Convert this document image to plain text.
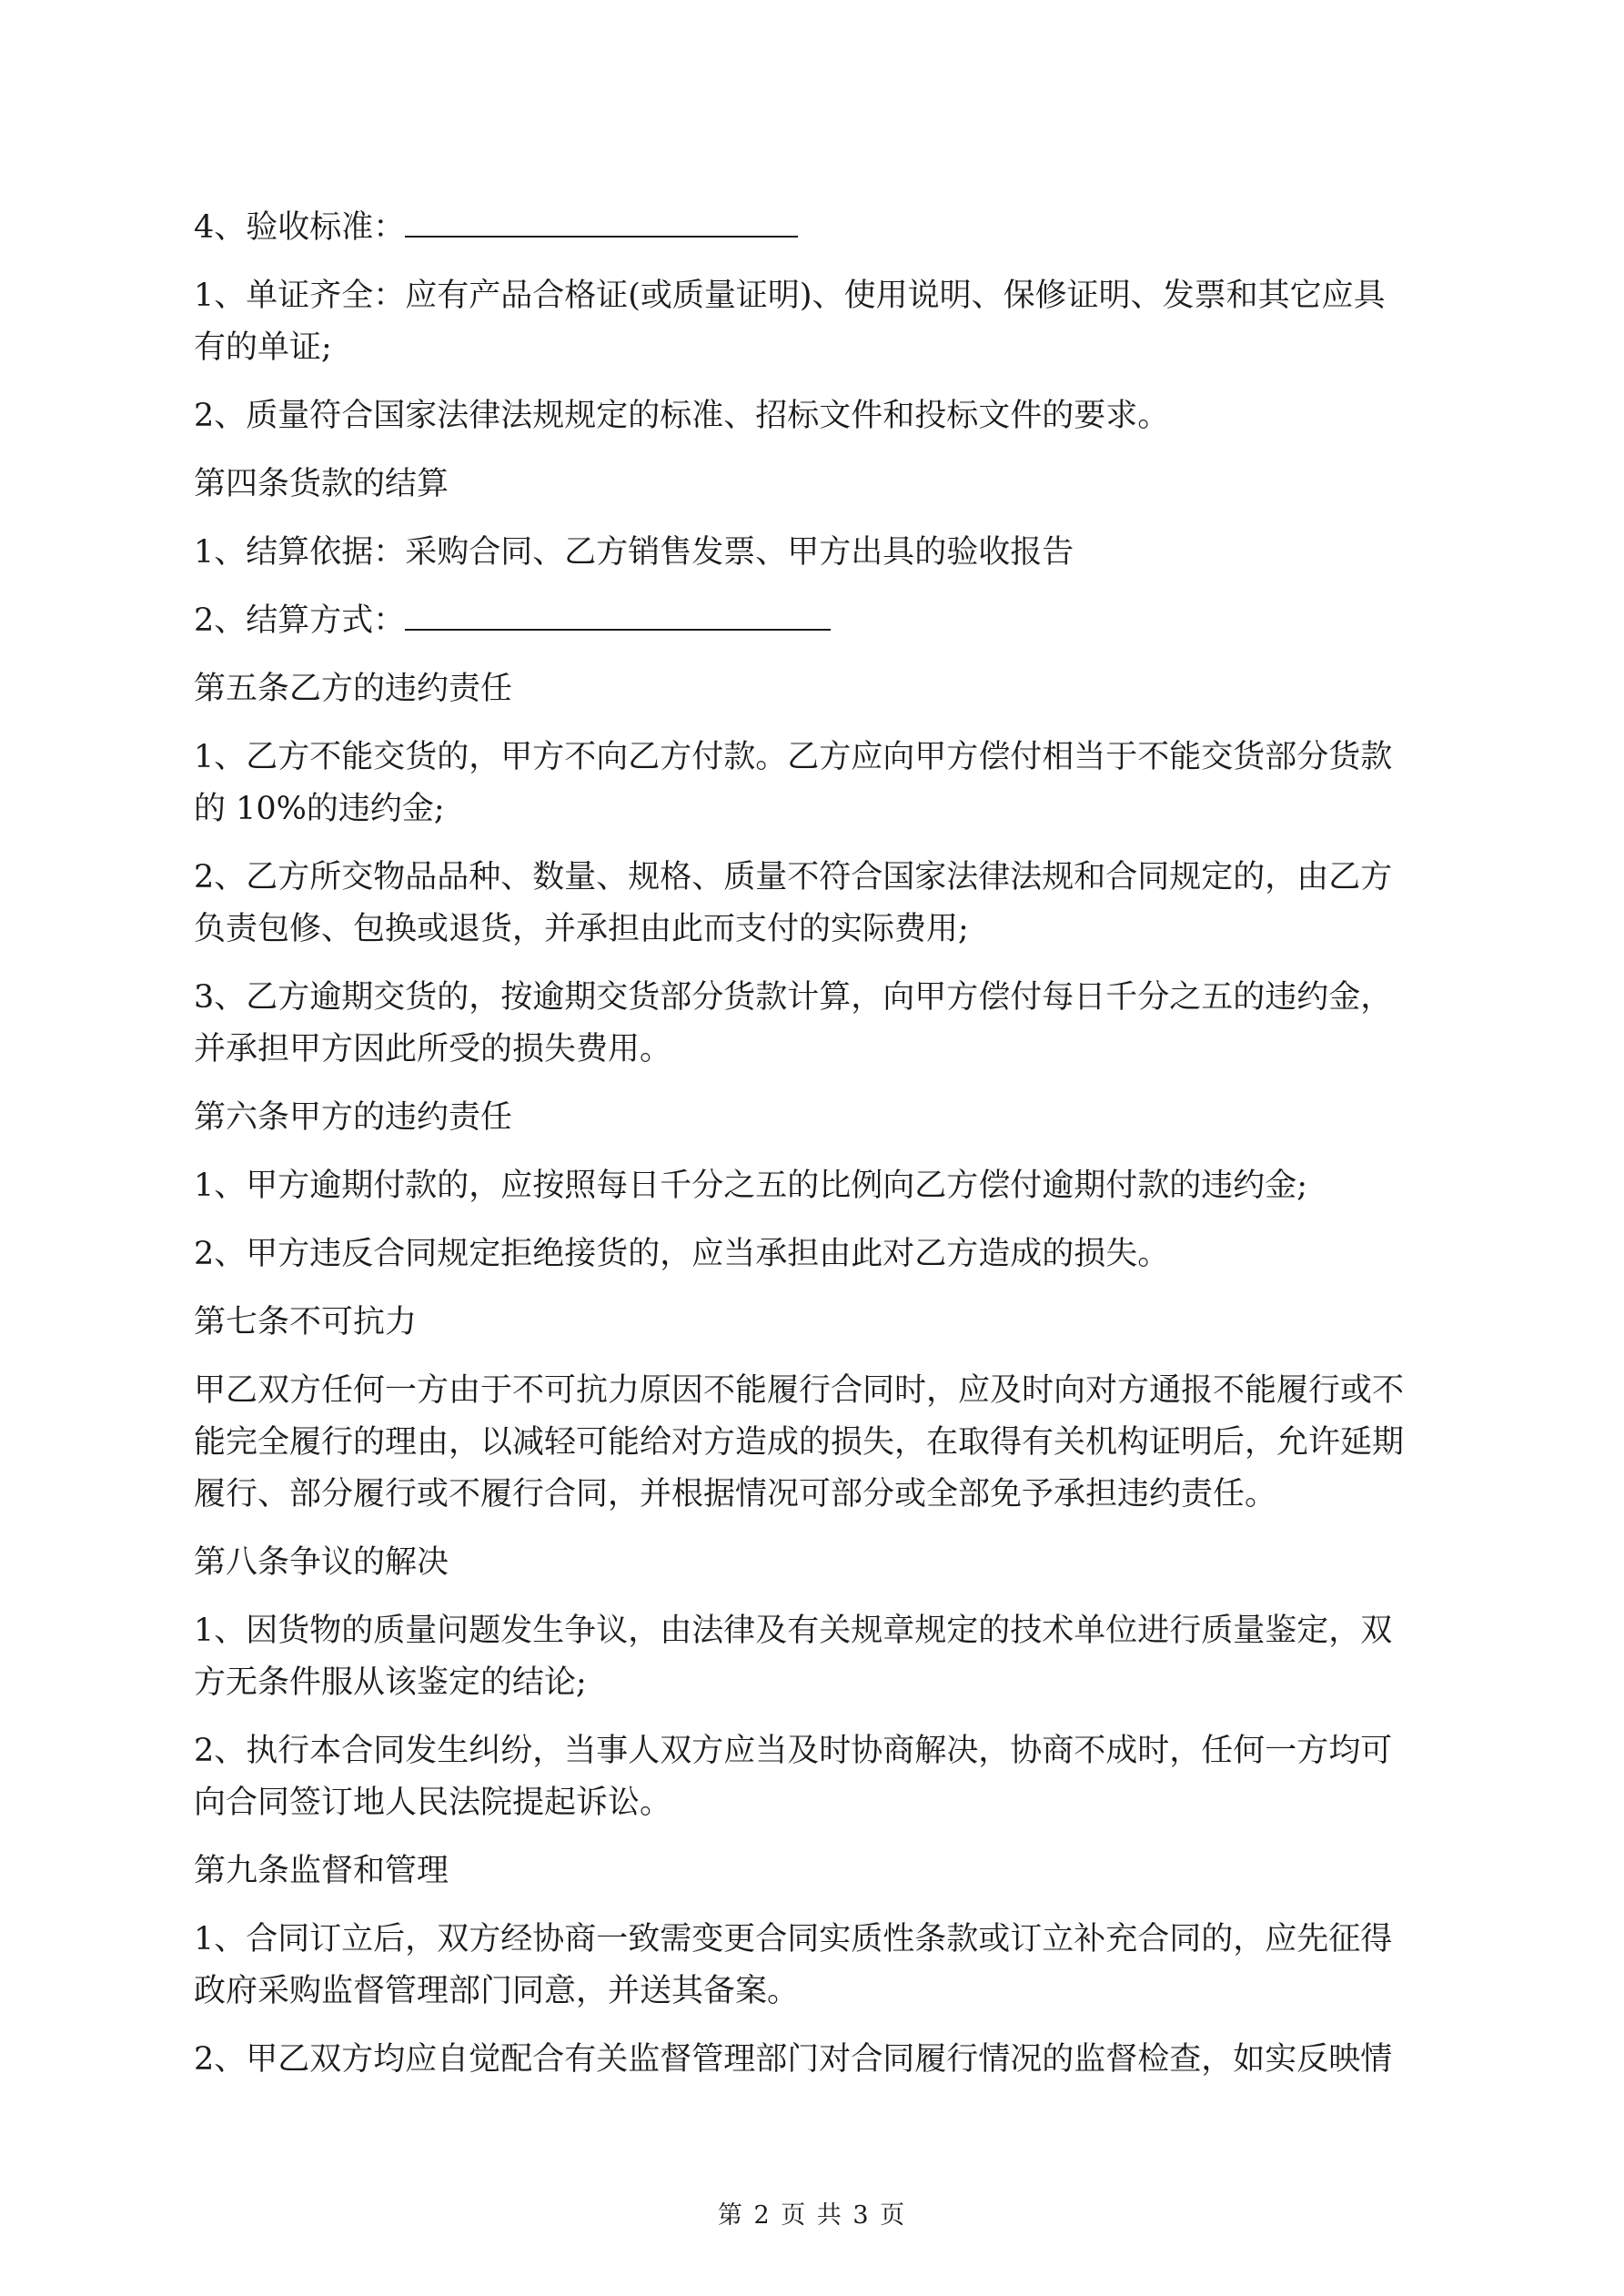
4、验收标准：
1、单证齐全：应有产品合格证(或质量证明)、使用说明、保修证明、发票和其它应具
有的单证;
2、质量符合国家法律法规规定的标准、招标文件和投标文件的要求。
第四条货款的结算
1、结算依据：采购合同、乙方销售发票、甲方出具的验收报告
2、结算方式：
第五条乙方的违约责任
1、乙方不能交货的，甲方不向乙方付款。乙方应向甲方偿付相当于不能交货部分货款
的 10%的违约金;
2、乙方所交物品品种、数量、规格、质量不符合国家法律法规和合同规定的，由乙方
负责包修、包换或退货，并承担由此而支付的实际费用;
3、乙方逾期交货的，按逾期交货部分货款计算，向甲方偿付每日千分之五的违约金，
并承担甲方因此所受的损失费用。
第六条甲方的违约责任
1、甲方逾期付款的，应按照每日千分之五的比例向乙方偿付逾期付款的违约金;
2、甲方违反合同规定拒绝接货的，应当承担由此对乙方造成的损失。
第七条不可抗力
甲乙双方任何一方由于不可抗力原因不能履行合同时，应及时向对方通报不能履行或不
能完全履行的理由，以减轻可能给对方造成的损失，在取得有关机构证明后，允许延期
履行、部分履行或不履行合同，并根据情况可部分或全部免予承担违约责任。
第八条争议的解决
1、因货物的质量问题发生争议，由法律及有关规章规定的技术单位进行质量鉴定，双
方无条件服从该鉴定的结论;
2、执行本合同发生纠纷，当事人双方应当及时协商解决，协商不成时，任何一方均可
向合同签订地人民法院提起诉讼。
第九条监督和管理
1、合同订立后，双方经协商一致需变更合同实质性条款或订立补充合同的，应先征得
政府采购监督管理部门同意，并送其备案。
2、甲乙双方均应自觉配合有关监督管理部门对合同履行情况的监督检查，如实反映情
第 2 页 共 3 页
